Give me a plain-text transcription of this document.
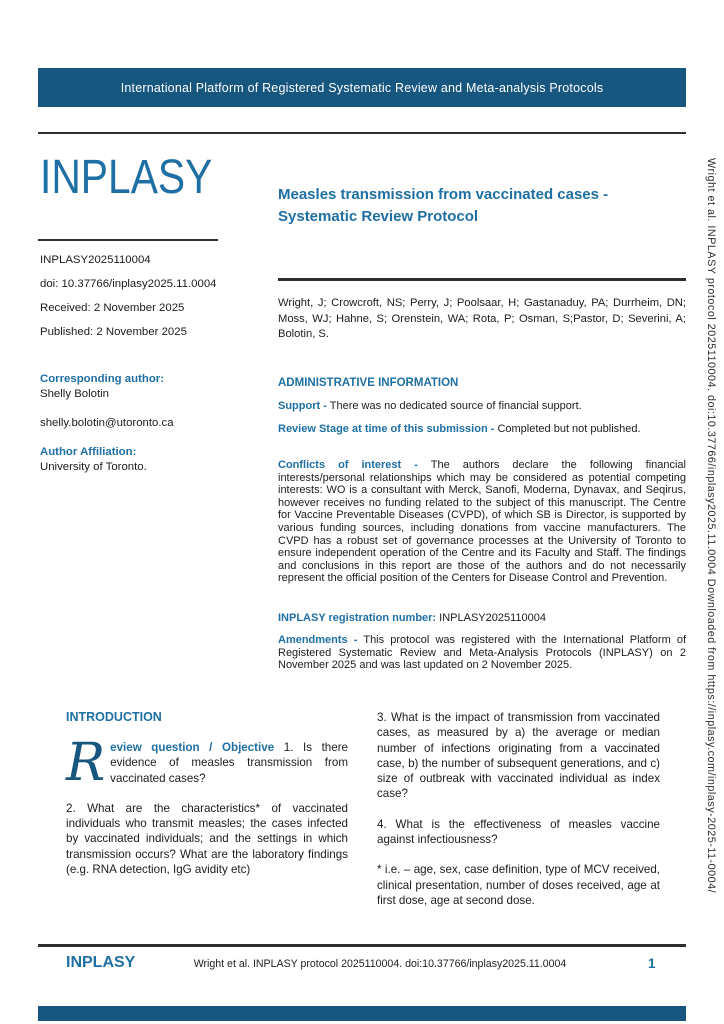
International Platform of Registered Systematic Review and Meta-analysis Protocols
INPLASY	Measles transmission from vaccinated cases - Systematic Review Protocol
INPLASY2025110004
doi: 10.37766/inplasy2025.11.0004
Received: 2 November 2025
Published: 2 November 2025
Corresponding author:
Shelly Bolotin
shelly.bolotin@utoronto.ca
Author Affiliation:
University of Toronto.
Wright, J; Crowcroft, NS; Perry, J; Poolsaar, H; Gastanaduy, PA; Durrheim, DN; Moss, WJ; Hahne, S; Orenstein, WA; Rota, P; Osman, S;Pastor, D; Severini, A; Bolotin, S.
ADMINISTRATIVE INFORMATION
Support - There was no dedicated source of financial support.
Review Stage at time of this submission - Completed but not published.
Conflicts of interest - The authors declare the following financial interests/personal relationships which may be considered as potential competing interests: WO is a consultant with Merck, Sanofi, Moderna, Dynavax, and Seqirus, however receives no funding related to the subject of this manuscript. The Centre for Vaccine Preventable Diseases (CVPD), of which SB is Director, is supported by various funding sources, including donations from vaccine manufacturers. The CVPD has a robust set of governance processes at the University of Toronto to ensure independent operation of the Centre and its Faculty and Staff. The findings and conclusions in this report are those of the authors and do not necessarily represent the official position of the Centers for Disease Control and Prevention.
INPLASY registration number: INPLASY2025110004
Amendments - This protocol was registered with the International Platform of Registered Systematic Review and Meta-Analysis Protocols (INPLASY) on 2 November 2025 and was last updated on 2 November 2025.
INTRODUCTION

R eview question / Objective 1. Is there evidence of measles transmission from vaccinated cases?

2. What are the characteristics* of vaccinated individuals who transmit measles; the cases infected by vaccinated individuals; and the settings in which transmission occurs? What are the laboratory findings (e.g. RNA detection, IgG avidity etc)

3. What is the impact of transmission from vaccinated cases, as measured by a) the average or median number of infections originating from a vaccinated case, b) the number of subsequent generations, and c) size of outbreak with vaccinated individual as index case?

4. What is the effectiveness of measles vaccine against infectiousness?

* i.e. – age, sex, case definition, type of MCV received, clinical presentation, number of doses received, age at first dose, age at second dose.

INPLASY	Wright et al. INPLASY protocol 2025110004. doi:10.37766/inplasy2025.11.0004	1
Wright et al. INPLASY protocol 2025110004. doi:10.37766/inplasy2025.11.0004 Downloaded from https://inplasy.com/inplasy-2025-11-0004/
